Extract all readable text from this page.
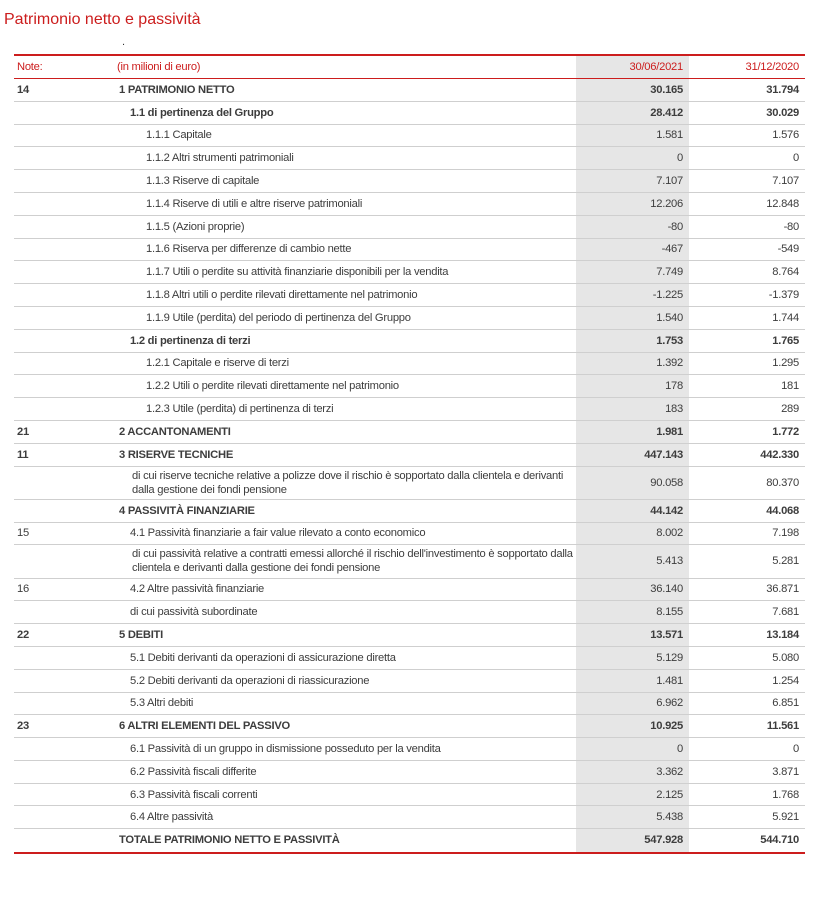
Patrimonio netto e passività
.
Note:	(in milioni di euro)	30/06/2021	31/12/2020
14	1 PATRIMONIO NETTO	30.165	31.794
	1.1 di pertinenza del Gruppo	28.412	30.029
	1.1.1 Capitale	1.581	1.576
	1.1.2 Altri strumenti patrimoniali	0	0
	1.1.3 Riserve di capitale	7.107	7.107
	1.1.4 Riserve di utili e altre riserve patrimoniali	12.206	12.848
	1.1.5 (Azioni proprie)	-80	-80
	1.1.6 Riserva per differenze di cambio nette	-467	-549
	1.1.7 Utili o perdite su attività finanziarie disponibili per la vendita	7.749	8.764
	1.1.8 Altri utili o perdite rilevati direttamente nel patrimonio	-1.225	-1.379
	1.1.9 Utile (perdita) del periodo di pertinenza del Gruppo	1.540	1.744
	1.2 di pertinenza di terzi	1.753	1.765
	1.2.1 Capitale e riserve di terzi	1.392	1.295
	1.2.2 Utili o perdite rilevati direttamente nel patrimonio	178	181
	1.2.3 Utile (perdita) di pertinenza di terzi	183	289
21	2 ACCANTONAMENTI	1.981	1.772
11	3 RISERVE TECNICHE	447.143	442.330
	di cui riserve tecniche relative a polizze dove il rischio è sopportato dalla clientela e derivanti dalla gestione dei fondi pensione	90.058	80.370
	4 PASSIVITÀ FINANZIARIE	44.142	44.068
15	4.1 Passività finanziarie a fair value rilevato a conto economico	8.002	7.198
	di cui passività relative a contratti emessi allorché il rischio dell'investimento è sopportato dalla clientela e derivanti dalla gestione dei fondi pensione	5.413	5.281
16	4.2 Altre passività finanziarie	36.140	36.871
	di cui passività subordinate	8.155	7.681
22	5 DEBITI	13.571	13.184
	5.1 Debiti derivanti da operazioni di assicurazione diretta	5.129	5.080
	5.2 Debiti derivanti da operazioni di riassicurazione	1.481	1.254
	5.3 Altri debiti	6.962	6.851
23	6 ALTRI ELEMENTI DEL PASSIVO	10.925	11.561
	6.1 Passività di un gruppo in dismissione posseduto per la vendita	0	0
	6.2 Passività fiscali differite	3.362	3.871
	6.3 Passività fiscali correnti	2.125	1.768
	6.4 Altre passività	5.438	5.921
	TOTALE PATRIMONIO NETTO E PASSIVITÀ	547.928	544.710
